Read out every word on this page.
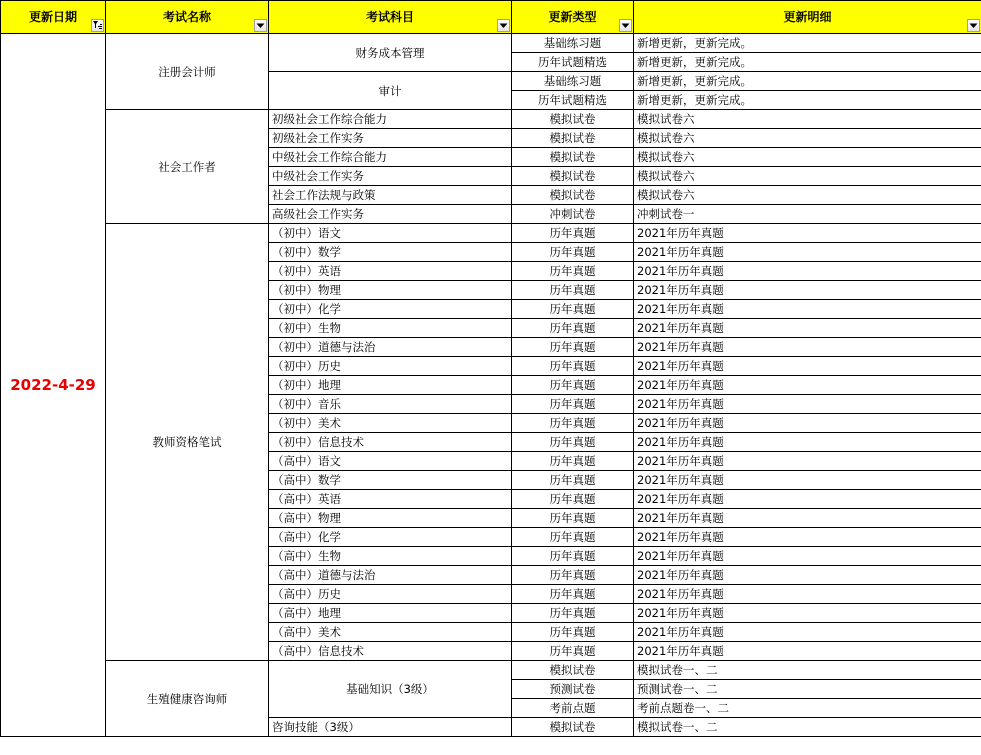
更新日期	考试名称	考试科目	更新类型	更新明细

2022-4-29	注册会计师	财务成本管理	基础练习题	新增更新，更新完成。
			历年试题精选	新增更新，更新完成。
		审计	基础练习题	新增更新，更新完成。
			历年试题精选	新增更新，更新完成。
	社会工作者	初级社会工作综合能力	模拟试卷	模拟试卷六
		初级社会工作实务	模拟试卷	模拟试卷六
		中级社会工作综合能力	模拟试卷	模拟试卷六
		中级社会工作实务	模拟试卷	模拟试卷六
		社会工作法规与政策	模拟试卷	模拟试卷六
		高级社会工作实务	冲刺试卷	冲刺试卷一
	教师资格笔试	（初中）语文	历年真题	2021年历年真题
		（初中）数学	历年真题	2021年历年真题
		（初中）英语	历年真题	2021年历年真题
		（初中）物理	历年真题	2021年历年真题
		（初中）化学	历年真题	2021年历年真题
		（初中）生物	历年真题	2021年历年真题
		（初中）道德与法治	历年真题	2021年历年真题
		（初中）历史	历年真题	2021年历年真题
		（初中）地理	历年真题	2021年历年真题
		（初中）音乐	历年真题	2021年历年真题
		（初中）美术	历年真题	2021年历年真题
		（初中）信息技术	历年真题	2021年历年真题
		（高中）语文	历年真题	2021年历年真题
		（高中）数学	历年真题	2021年历年真题
		（高中）英语	历年真题	2021年历年真题
		（高中）物理	历年真题	2021年历年真题
		（高中）化学	历年真题	2021年历年真题
		（高中）生物	历年真题	2021年历年真题
		（高中）道德与法治	历年真题	2021年历年真题
		（高中）历史	历年真题	2021年历年真题
		（高中）地理	历年真题	2021年历年真题
		（高中）美术	历年真题	2021年历年真题
		（高中）信息技术	历年真题	2021年历年真题
	生殖健康咨询师	基础知识（3级）	模拟试卷	模拟试卷一、二
			预测试卷	预测试卷一、二
			考前点题	考前点题卷一、二
		咨询技能（3级）	模拟试卷	模拟试卷一、二
